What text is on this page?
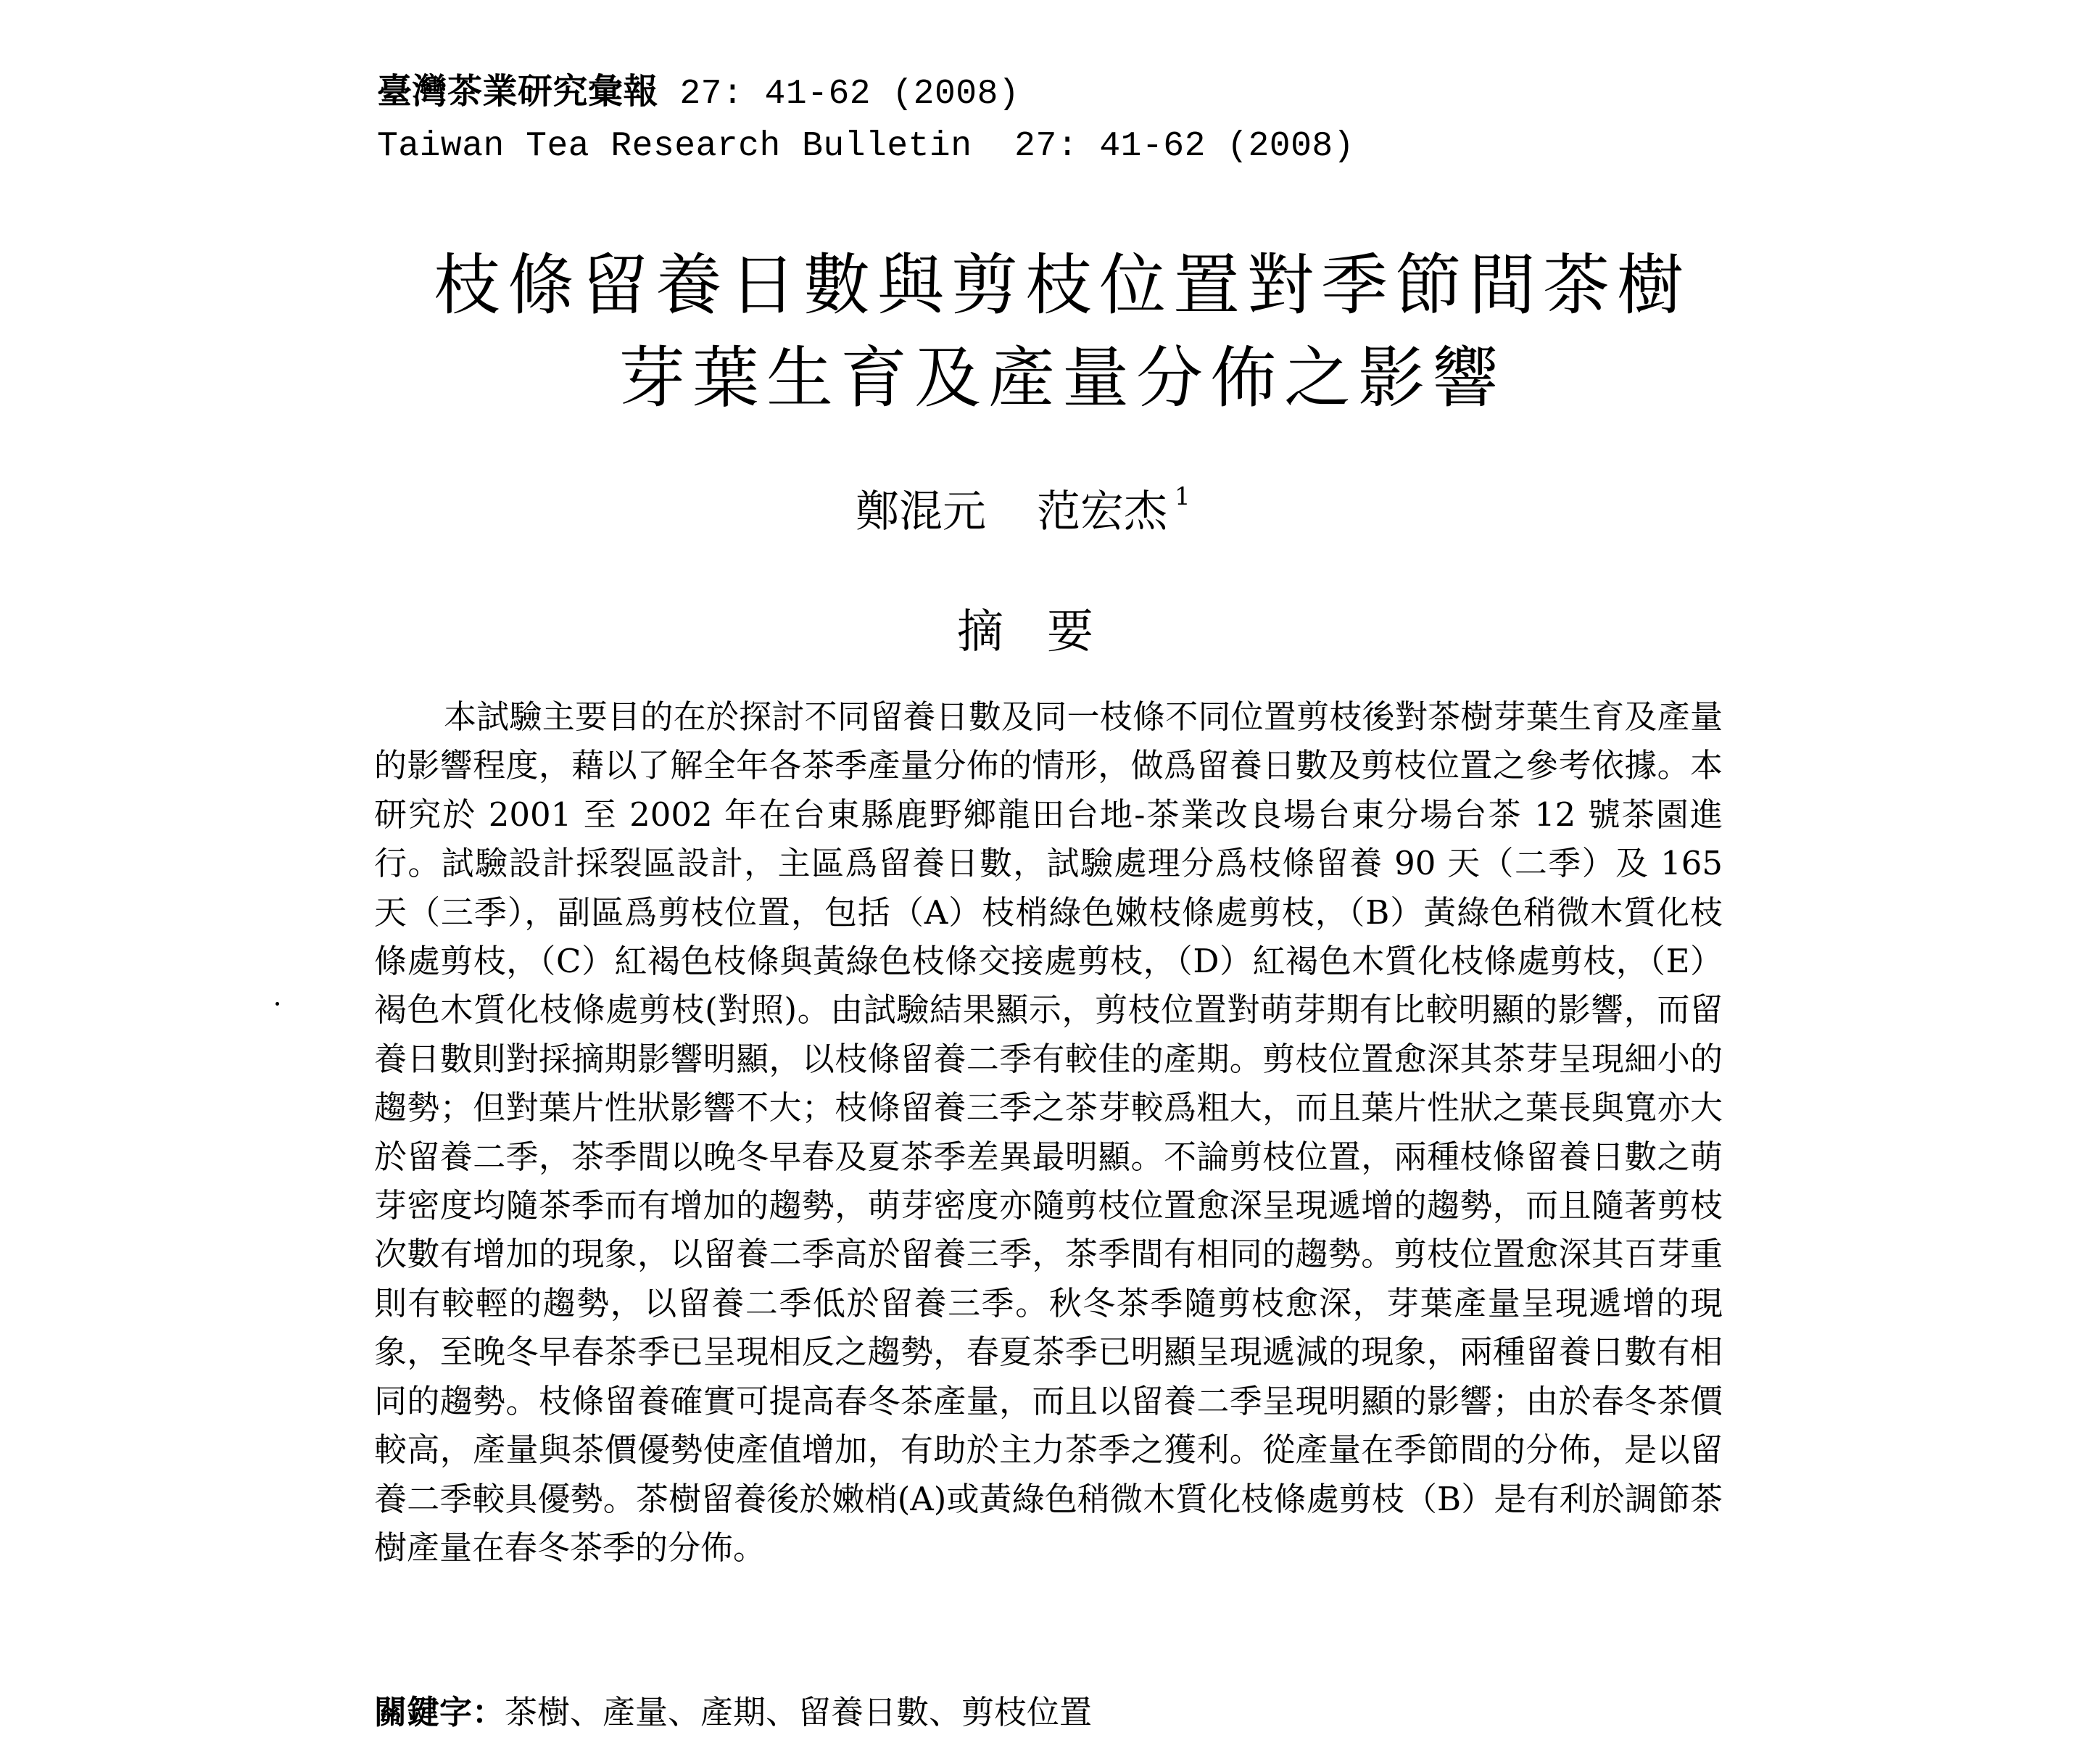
臺灣茶業研究彙報 27: 41-62 (2008)
Taiwan Tea Research Bulletin  27: 41-62 (2008)
枝條留養日數與剪枝位置對季節間茶樹
芽葉生育及產量分佈之影響
鄭混元 范宏杰 $^1$
摘要
本試驗主要目的在於探討不同留養日數及同一枝條不同位置剪枝後對茶樹芽葉生育及產量的影響程度，藉以了解全年各茶季產量分佈的情形，做爲留養日數及剪枝位置之參考依據。本研究於 2001 至 2002 年在台東縣鹿野鄉龍田台地-茶業改良場台東分場台茶 12 號茶園進行。試驗設計採裂區設計，主區爲留養日數，試驗處理分爲枝條留養 90 天（二季）及 165 天（三季），副區爲剪枝位置，包括（A）枝梢綠色嫩枝條處剪枝，（B）黃綠色稍微木質化枝條處剪枝，（C）紅褐色枝條與黃綠色枝條交接處剪枝，（D）紅褐色木質化枝條處剪枝，（E）褐色木質化枝條處剪枝(對照)。由試驗結果顯示，剪枝位置對萌芽期有比較明顯的影響，而留養日數則對採摘期影響明顯，以枝條留養二季有較佳的產期。剪枝位置愈深其茶芽呈現細小的趨勢；但對葉片性狀影響不大；枝條留養三季之茶芽較爲粗大，而且葉片性狀之葉長與寬亦大於留養二季，茶季間以晚冬早春及夏茶季差異最明顯。不論剪枝位置，兩種枝條留養日數之萌芽密度均隨茶季而有增加的趨勢，萌芽密度亦隨剪枝位置愈深呈現遞增的趨勢，而且隨著剪枝次數有增加的現象，以留養二季高於留養三季，茶季間有相同的趨勢。剪枝位置愈深其百芽重則有較輕的趨勢，以留養二季低於留養三季。秋冬茶季隨剪枝愈深，芽葉產量呈現遞增的現象，至晚冬早春茶季已呈現相反之趨勢，春夏茶季已明顯呈現遞減的現象，兩種留養日數有相同的趨勢。枝條留養確實可提高春冬茶產量，而且以留養二季呈現明顯的影響；由於春冬茶價較高，產量與茶價優勢使產值增加，有助於主力茶季之獲利。從產量在季節間的分佈，是以留養二季較具優勢。茶樹留養後於嫩梢(A)或黃綠色稍微木質化枝條處剪枝（B）是有利於調節茶樹產量在春冬茶季的分佈。
關鍵字：茶樹、產量、產期、留養日數、剪枝位置
